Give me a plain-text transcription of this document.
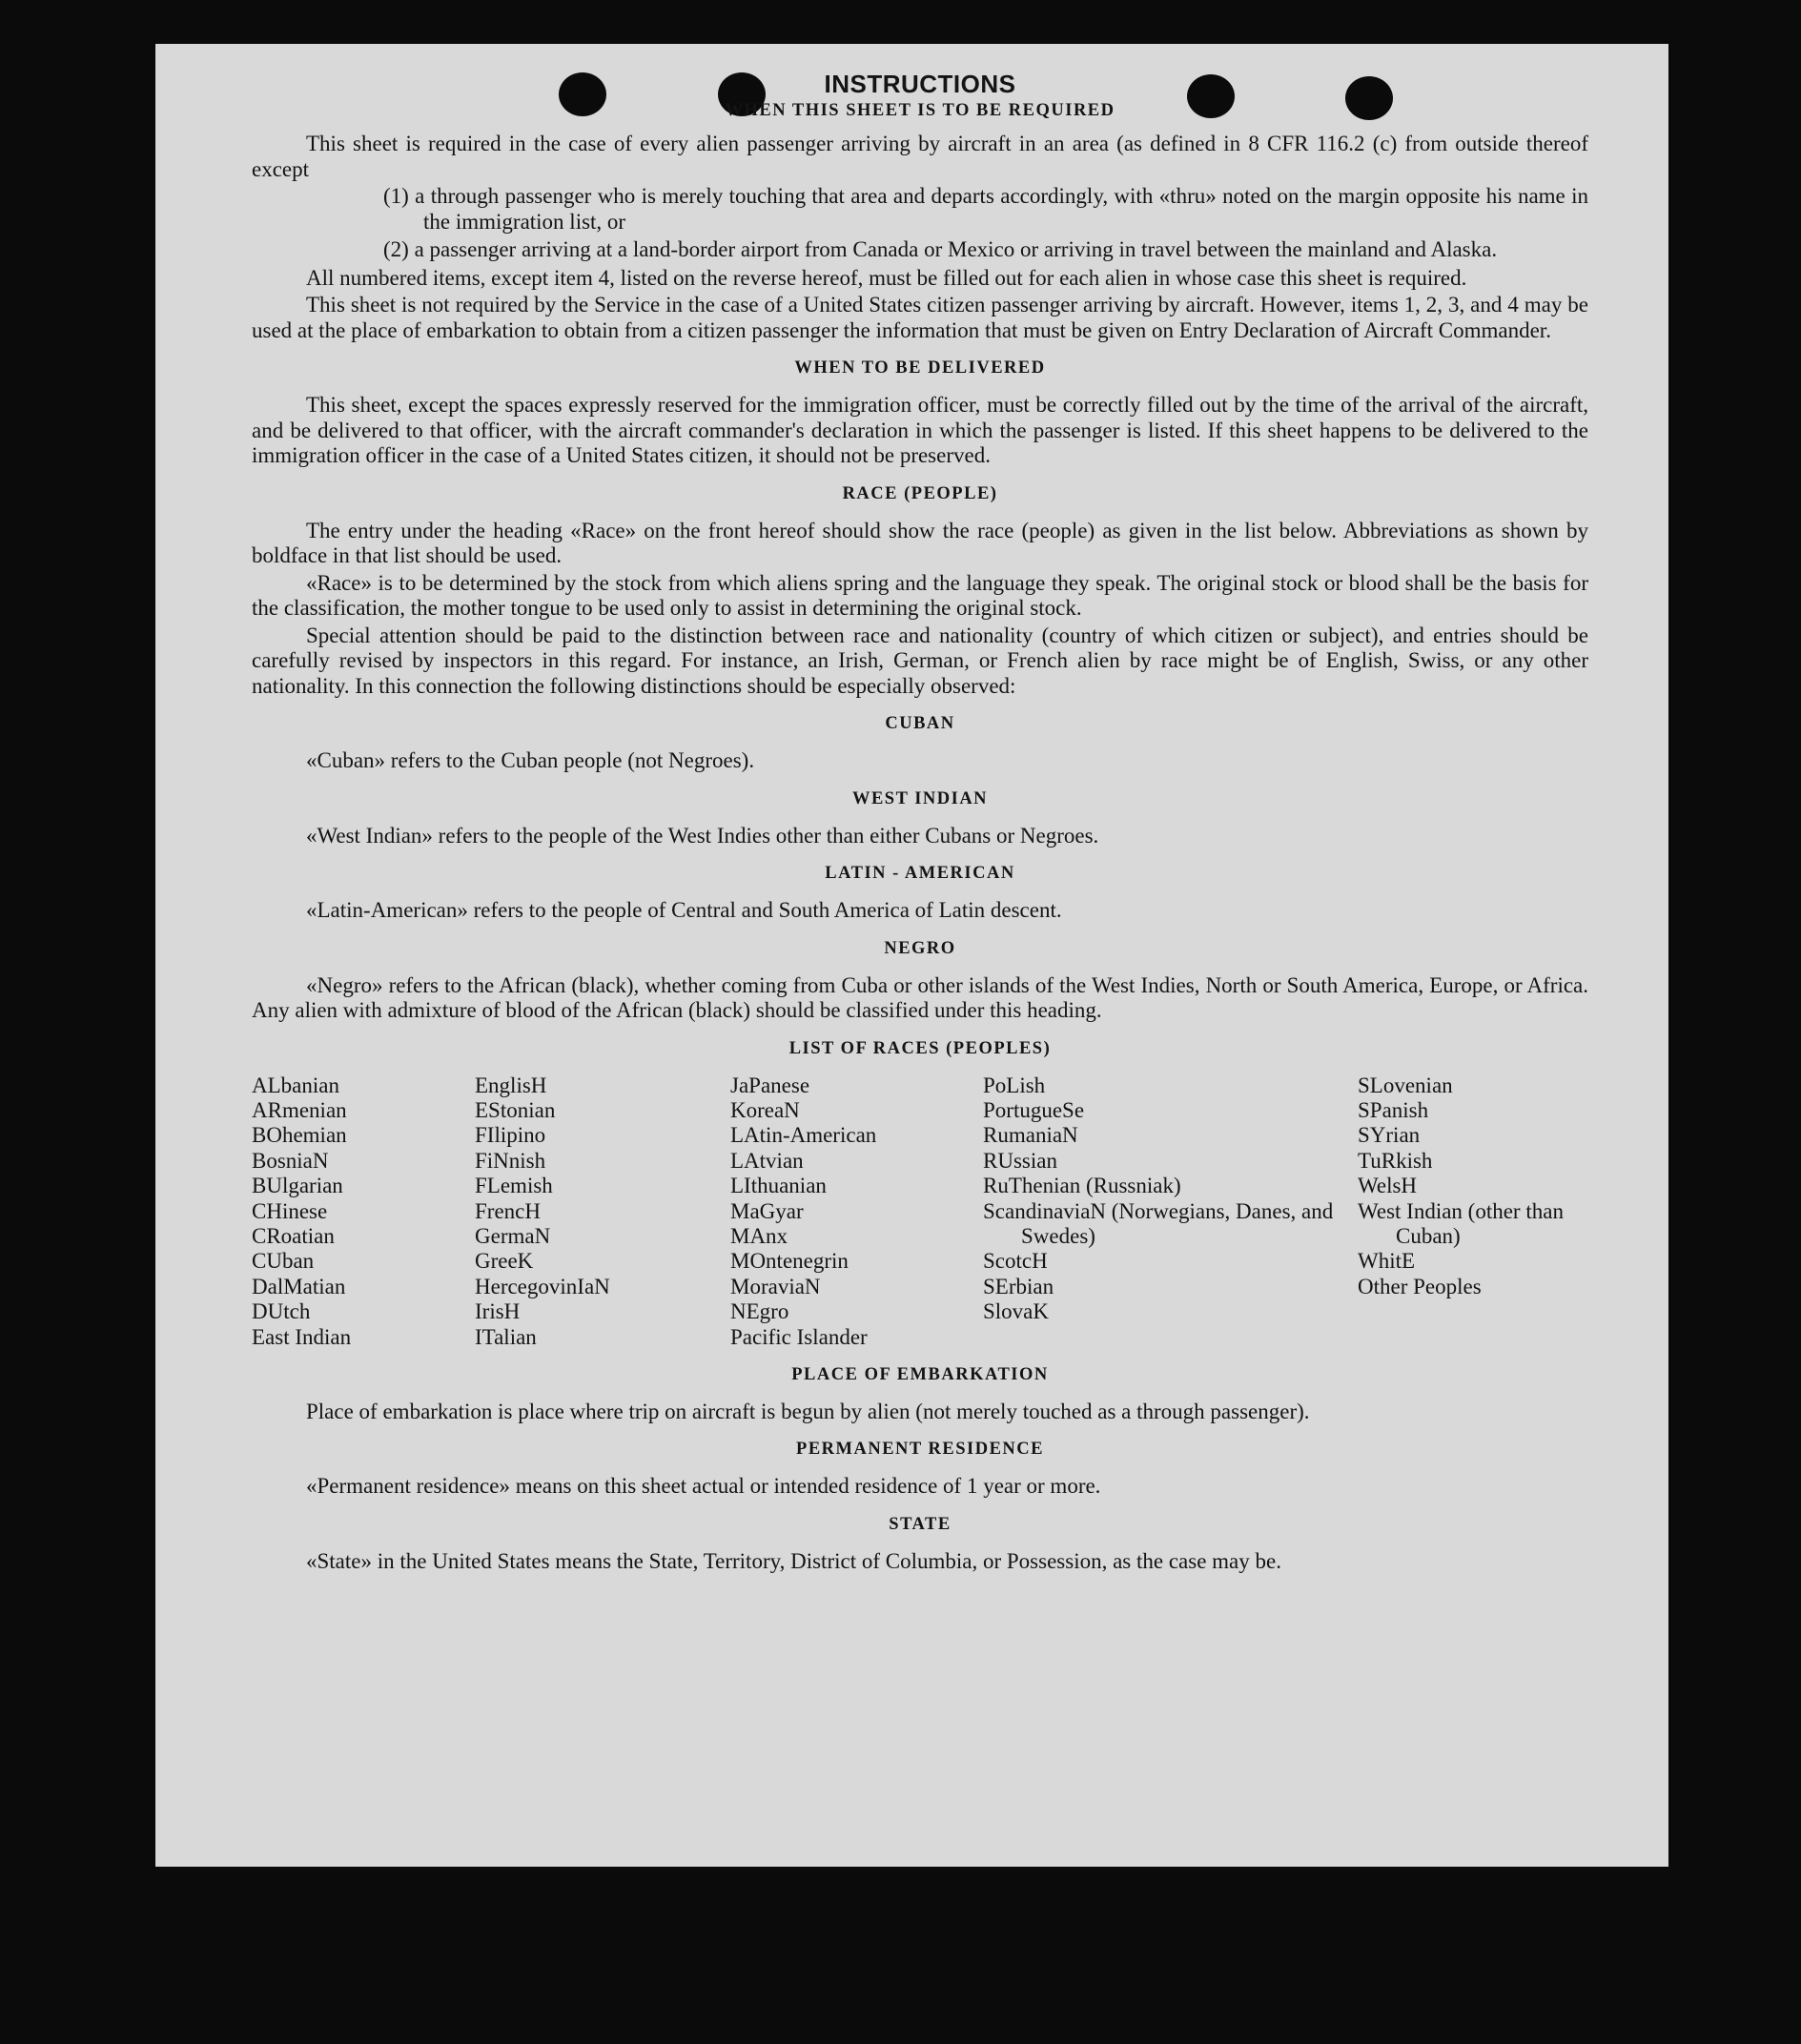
INSTRUCTIONS
WHEN THIS SHEET IS TO BE REQUIRED

This sheet is required in the case of every alien passenger arriving by aircraft in an area (as defined in 8 CFR 116.2 (c) from outside thereof except

(1) a through passenger who is merely touching that area and departs accordingly, with «thru» noted on the margin opposite his name in the immigration list, or
(2) a passenger arriving at a land-border airport from Canada or Mexico or arriving in travel between the mainland and Alaska.

All numbered items, except item 4, listed on the reverse hereof, must be filled out for each alien in whose case this sheet is required.

This sheet is not required by the Service in the case of a United States citizen passenger arriving by aircraft. However, items 1, 2, 3, and 4 may be used at the place of embarkation to obtain from a citizen passenger the information that must be given on Entry Declaration of Aircraft Commander.

WHEN TO BE DELIVERED

This sheet, except the spaces expressly reserved for the immigration officer, must be correctly filled out by the time of the arrival of the aircraft, and be delivered to that officer, with the aircraft commander's declaration in which the passenger is listed. If this sheet happens to be delivered to the immigration officer in the case of a United States citizen, it should not be preserved.

RACE (PEOPLE)

The entry under the heading «Race» on the front hereof should show the race (people) as given in the list below. Abbreviations as shown by boldface in that list should be used.

«Race» is to be determined by the stock from which aliens spring and the language they speak. The original stock or blood shall be the basis for the classification, the mother tongue to be used only to assist in determining the original stock.

Special attention should be paid to the distinction between race and nationality (country of which citizen or subject), and entries should be carefully revised by inspectors in this regard. For instance, an Irish, German, or French alien by race might be of English, Swiss, or any other nationality. In this connection the following distinctions should be especially observed:

CUBAN

«Cuban» refers to the Cuban people (not Negroes).

WEST INDIAN

«West Indian» refers to the people of the West Indies other than either Cubans or Negroes.

LATIN - AMERICAN

«Latin-American» refers to the people of Central and South America of Latin descent.

NEGRO

«Negro» refers to the African (black), whether coming from Cuba or other islands of the West Indies, North or South America, Europe, or Africa. Any alien with admixture of blood of the African (black) should be classified under this heading.

LIST OF RACES (PEOPLES)
ALbanian
ARmenian
BOhemian
BosniaN
BUlgarian
CHinese
CRoatian
CUban
DalMatian
DUtch
East Indian
EnglisH
EStonian
FIlipino
FiNnish
FLemish
FrencH
GermaN
GreeK
HercegovinIaN
IrisH
ITalian
JaPanese
KoreaN
LAtin-American
LAtvian
LIthuanian
MaGyar
MAnx
MOntenegrin
MoraviaN
NEgro
Pacific Islander
PoLish
PortugueSe
RumaniaN
RUssian
RuThenian (Russniak)
ScandinaviaN (Norwegians, Danes, and Swedes)
ScotcH
SErbian
SlovaK
SLovenian
SPanish
SYrian
TuRkish
WelsH
West Indian (other than Cuban)
WhitE
Other Peoples
PLACE OF EMBARKATION

Place of embarkation is place where trip on aircraft is begun by alien (not merely touched as a through passenger).

PERMANENT RESIDENCE

«Permanent residence» means on this sheet actual or intended residence of 1 year or more.

STATE

«State» in the United States means the State, Territory, District of Columbia, or Possession, as the case may be.
